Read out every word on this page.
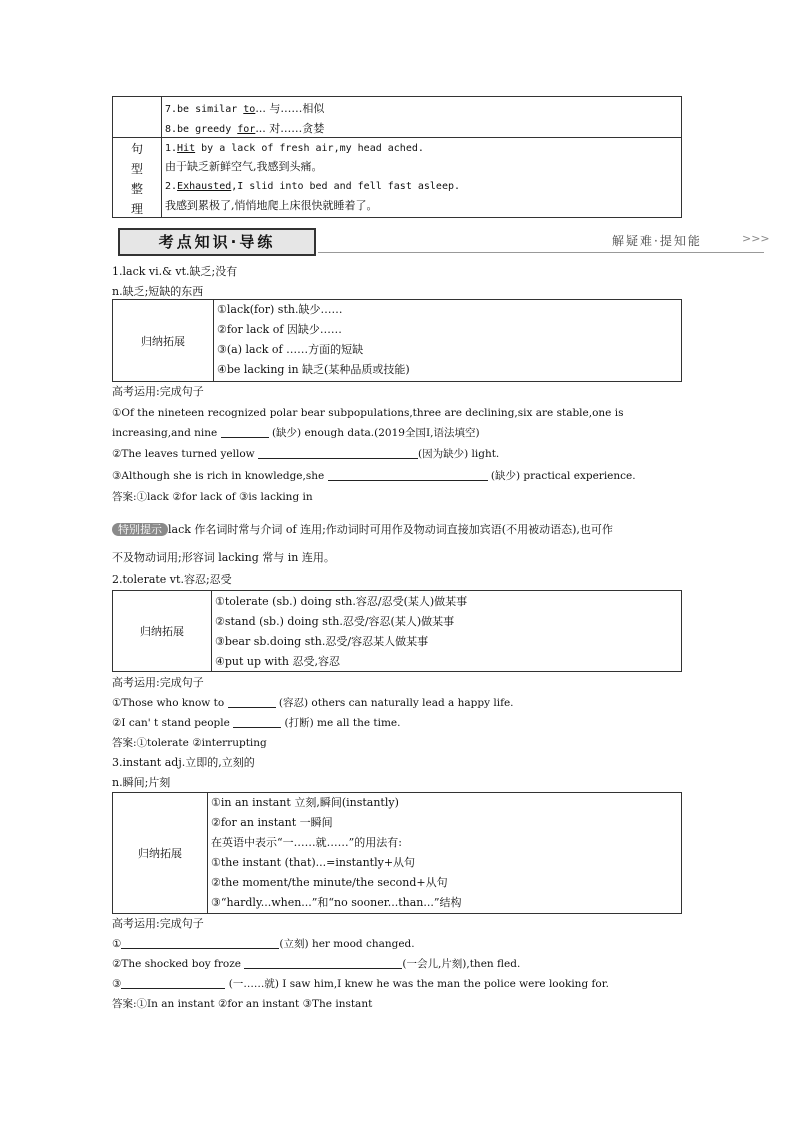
7.be similar to... 与……相似
8.be greedy for... 对……贪婪
句
型
整
理
1.Hit by a lack of fresh air,my head ached.
由于缺乏新鲜空气,我感到头痛。
2.Exhausted,I slid into bed and fell fast asleep.
我感到累极了,悄悄地爬上床很快就睡着了。
考点知识·导练	解疑难·提知能	>>>
1.lack vi.& vt.缺乏;没有
n.缺乏;短缺的东西
归纳拓展
①lack(for) sth.缺少……
②for lack of 因缺少……
③(a) lack of ……方面的短缺
④be lacking in 缺乏(某种品质或技能)
高考运用:完成句子
①Of the nineteen recognized polar bear subpopulations,three are declining,six are stable,one is
increasing,and nine	(缺少) enough data.(2019全国Ⅰ,语法填空)
②The leaves turned yellow	(因为缺少) light.
③Although she is rich in knowledge,she	(缺少) practical experience.
答案:①lack ②for lack of ③is lacking in
特别提示 lack 作名词时常与介词 of 连用;作动词时可用作及物动词直接加宾语(不用被动语态),也可作
不及物动词用;形容词 lacking 常与 in 连用。
2.tolerate vt.容忍;忍受
归纳拓展
①tolerate (sb.) doing sth.容忍/忍受(某人)做某事
②stand (sb.) doing sth.忍受/容忍(某人)做某事
③bear sb.doing sth.忍受/容忍某人做某事
④put up with 忍受,容忍
高考运用:完成句子
①Those who know to	(容忍) others can naturally lead a happy life.
②I can' t stand people	(打断) me all the time.
答案:①tolerate ②interrupting
3.instant adj.立即的,立刻的
n.瞬间;片刻
归纳拓展
①in an instant 立刻,瞬间(instantly)
②for an instant 一瞬间
在英语中表示“一……就……”的用法有:
①the instant (that)...=instantly+从句
②the moment/the minute/the second+从句
③“hardly...when...”和“no sooner...than...”结构
高考运用:完成句子
①	(立刻) her mood changed.
②The shocked boy froze	(一会儿,片刻),then fled.
③	(一……就) I saw him,I knew he was the man the police were looking for.
答案:①In an instant ②for an instant ③The instant
